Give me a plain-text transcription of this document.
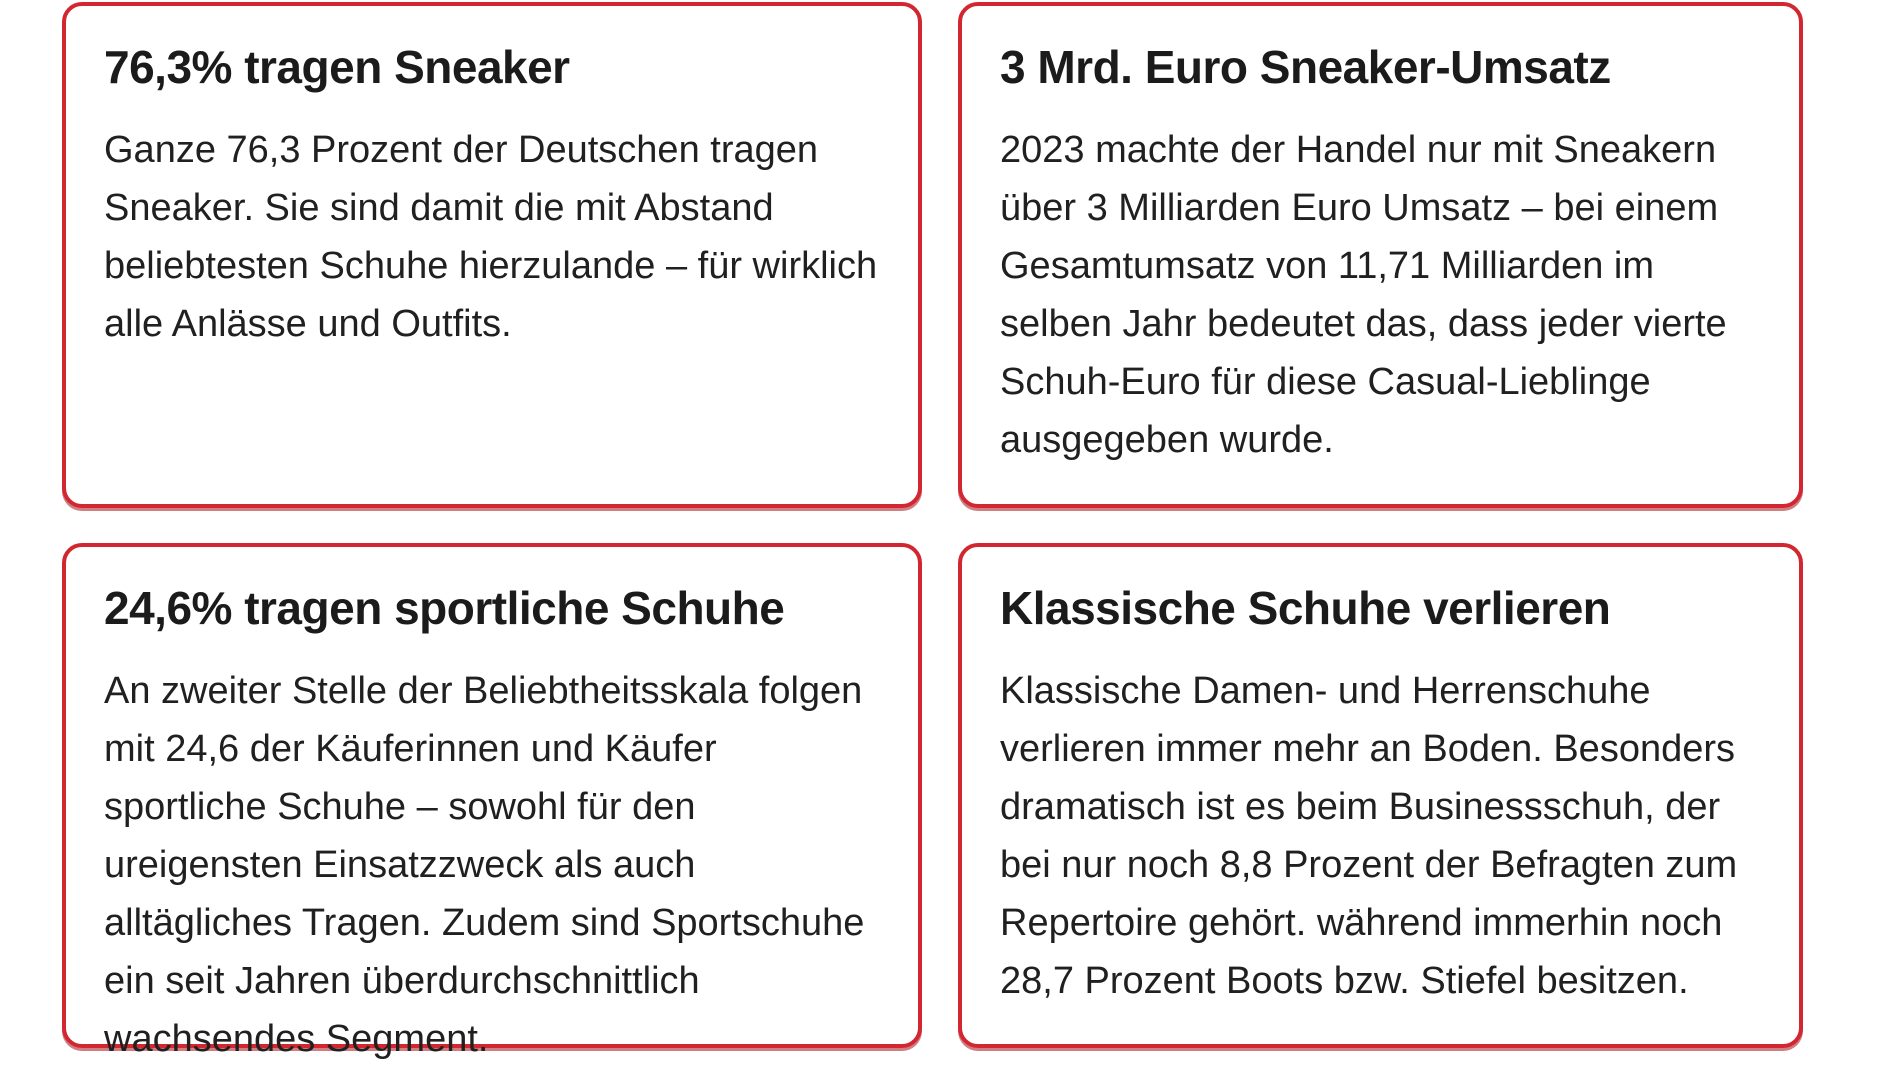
76,3% tragen Sneaker

Ganze 76,3 Prozent der Deutschen tragen Sneaker. Sie sind damit die mit Abstand beliebtesten Schuhe hierzulande – für wirklich alle Anlässe und Outfits.

3 Mrd. Euro Sneaker-Umsatz

2023 machte der Handel nur mit Sneakern über 3 Milliarden Euro Umsatz – bei einem Gesamtumsatz von 11,71 Milliarden im selben Jahr bedeutet das, dass jeder vierte Schuh-Euro für diese Casual-Lieblinge ausgegeben wurde.

24,6% tragen sportliche Schuhe

An zweiter Stelle der Beliebtheitsskala folgen mit 24,6 der Käuferinnen und Käufer sportliche Schuhe – sowohl für den ureigensten Einsatzzweck als auch alltägliches Tragen. Zudem sind Sportschuhe ein seit Jahren überdurchschnittlich wachsendes Segment.

Klassische Schuhe verlieren

Klassische Damen- und Herrenschuhe verlieren immer mehr an Boden. Besonders dramatisch ist es beim Businessschuh, der bei nur noch 8,8 Prozent der Befragten zum Repertoire gehört. während immerhin noch 28,7 Prozent Boots bzw. Stiefel besitzen.
